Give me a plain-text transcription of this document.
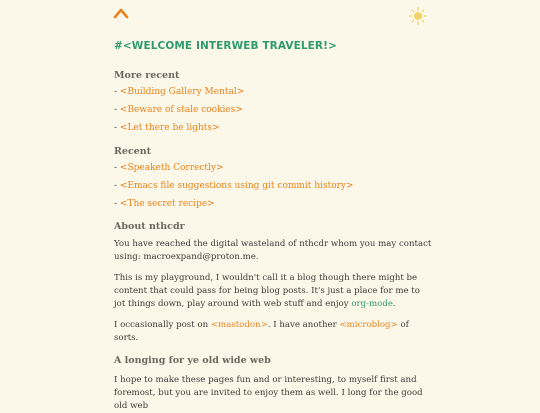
#<WELCOME INTERWEB TRAVELER!>
More recent
- <Building Gallery Mental>
- <Beware of stale cookies>
- <Let there be lights>
Recent
- <Speaketh Correctly>
- <Emacs file suggestions using git commit history>
- <The secret recipe>
About nthcdr

You have reached the digital wasteland of nthcdr whom you may contact using: macroexpand@proton.me.

This is my playground, I wouldn't call it a blog though there might be content that could pass for being blog posts. It's just a place for me to jot things down, play around with web stuff and enjoy org-mode.

I occasionally post on <mastodon>. I have another <microblog> of sorts.

A longing for ye old wide web

I hope to make these pages fun and or interesting, to myself first and foremost, but you are invited to enjoy them as well. I long for the good old web
